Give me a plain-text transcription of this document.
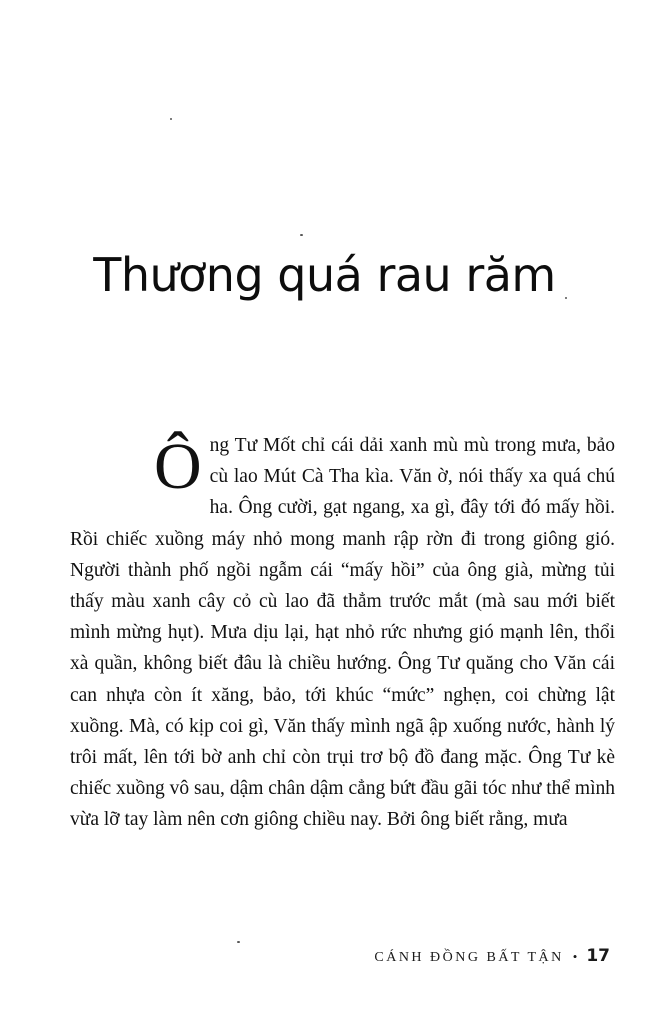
Thương quá rau răm

Ông Tư Mốt chỉ cái dải xanh mù mù trong mưa, bảo cù lao Mút Cà Tha kìa. Văn ờ, nói thấy xa quá chú ha. Ông cười, gạt ngang, xa gì, đây tới đó mấy hồi. Rồi chiếc xuồng máy nhỏ mong manh rập rờn đi trong giông gió. Người thành phố ngồi ngẫm cái “mấy hồi” của ông già, mừng tủi thấy màu xanh cây cỏ cù lao đã thẳm trước mắt (mà sau mới biết mình mừng hụt). Mưa dịu lại, hạt nhỏ rức nhưng gió mạnh lên, thổi xà quần, không biết đâu là chiều hướng. Ông Tư quăng cho Văn cái can nhựa còn ít xăng, bảo, tới khúc “mức” nghẹn, coi chừng lật xuồng. Mà, có kịp coi gì, Văn thấy mình ngã ập xuống nước, hành lý trôi mất, lên tới bờ anh chỉ còn trụi trơ bộ đồ đang mặc. Ông Tư kè chiếc xuồng vô sau, dậm chân dậm cẳng bứt đầu gãi tóc như thể mình vừa lỡ tay làm nên cơn giông chiều nay. Bởi ông biết rằng, mưa

CÁNH ĐỒNG BẤT TẬN • 17
